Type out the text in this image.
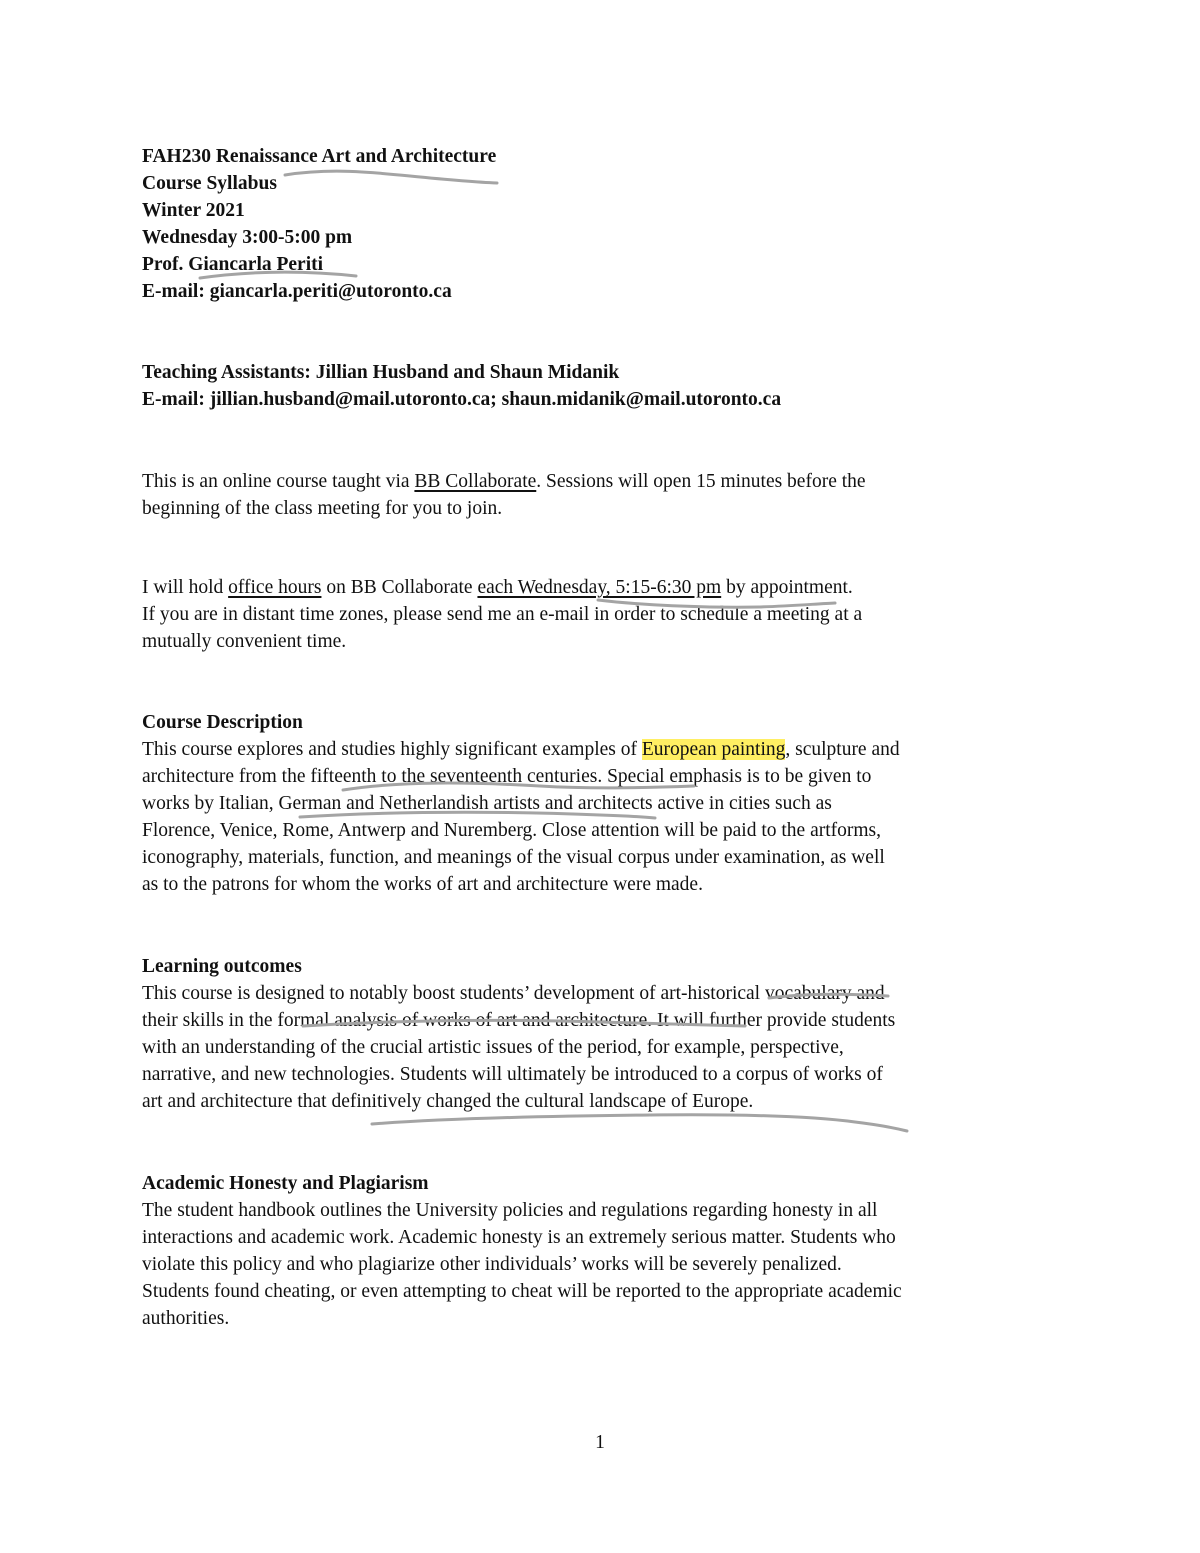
FAH230 Renaissance Art and Architecture
Course Syllabus
Winter 2021
Wednesday 3:00-5:00 pm
Prof. Giancarla Periti
E-mail: giancarla.periti@utoronto.ca
Teaching Assistants: Jillian Husband and Shaun Midanik
E-mail: jillian.husband@mail.utoronto.ca; shaun.midanik@mail.utoronto.ca
This is an online course taught via BB Collaborate. Sessions will open 15 minutes before the
beginning of the class meeting for you to join.
I will hold office hours on BB Collaborate each Wednesday, 5:15-6:30 pm by appointment.
If you are in distant time zones, please send me an e-mail in order to schedule a meeting at a
mutually convenient time.
Course Description
This course explores and studies highly significant examples of European painting, sculpture and
architecture from the fifteenth to the seventeenth centuries. Special emphasis is to be given to
works by Italian, German and Netherlandish artists and architects active in cities such as
Florence, Venice, Rome, Antwerp and Nuremberg. Close attention will be paid to the artforms,
iconography, materials, function, and meanings of the visual corpus under examination, as well
as to the patrons for whom the works of art and architecture were made.
Learning outcomes
This course is designed to notably boost students’ development of art-historical vocabulary and
their skills in the formal analysis of works of art and architecture. It will further provide students
with an understanding of the crucial artistic issues of the period, for example, perspective,
narrative, and new technologies. Students will ultimately be introduced to a corpus of works of
art and architecture that definitively changed the cultural landscape of Europe.
Academic Honesty and Plagiarism
The student handbook outlines the University policies and regulations regarding honesty in all
interactions and academic work. Academic honesty is an extremely serious matter. Students who
violate this policy and who plagiarize other individuals’ works will be severely penalized.
Students found cheating, or even attempting to cheat will be reported to the appropriate academic
authorities.
1
